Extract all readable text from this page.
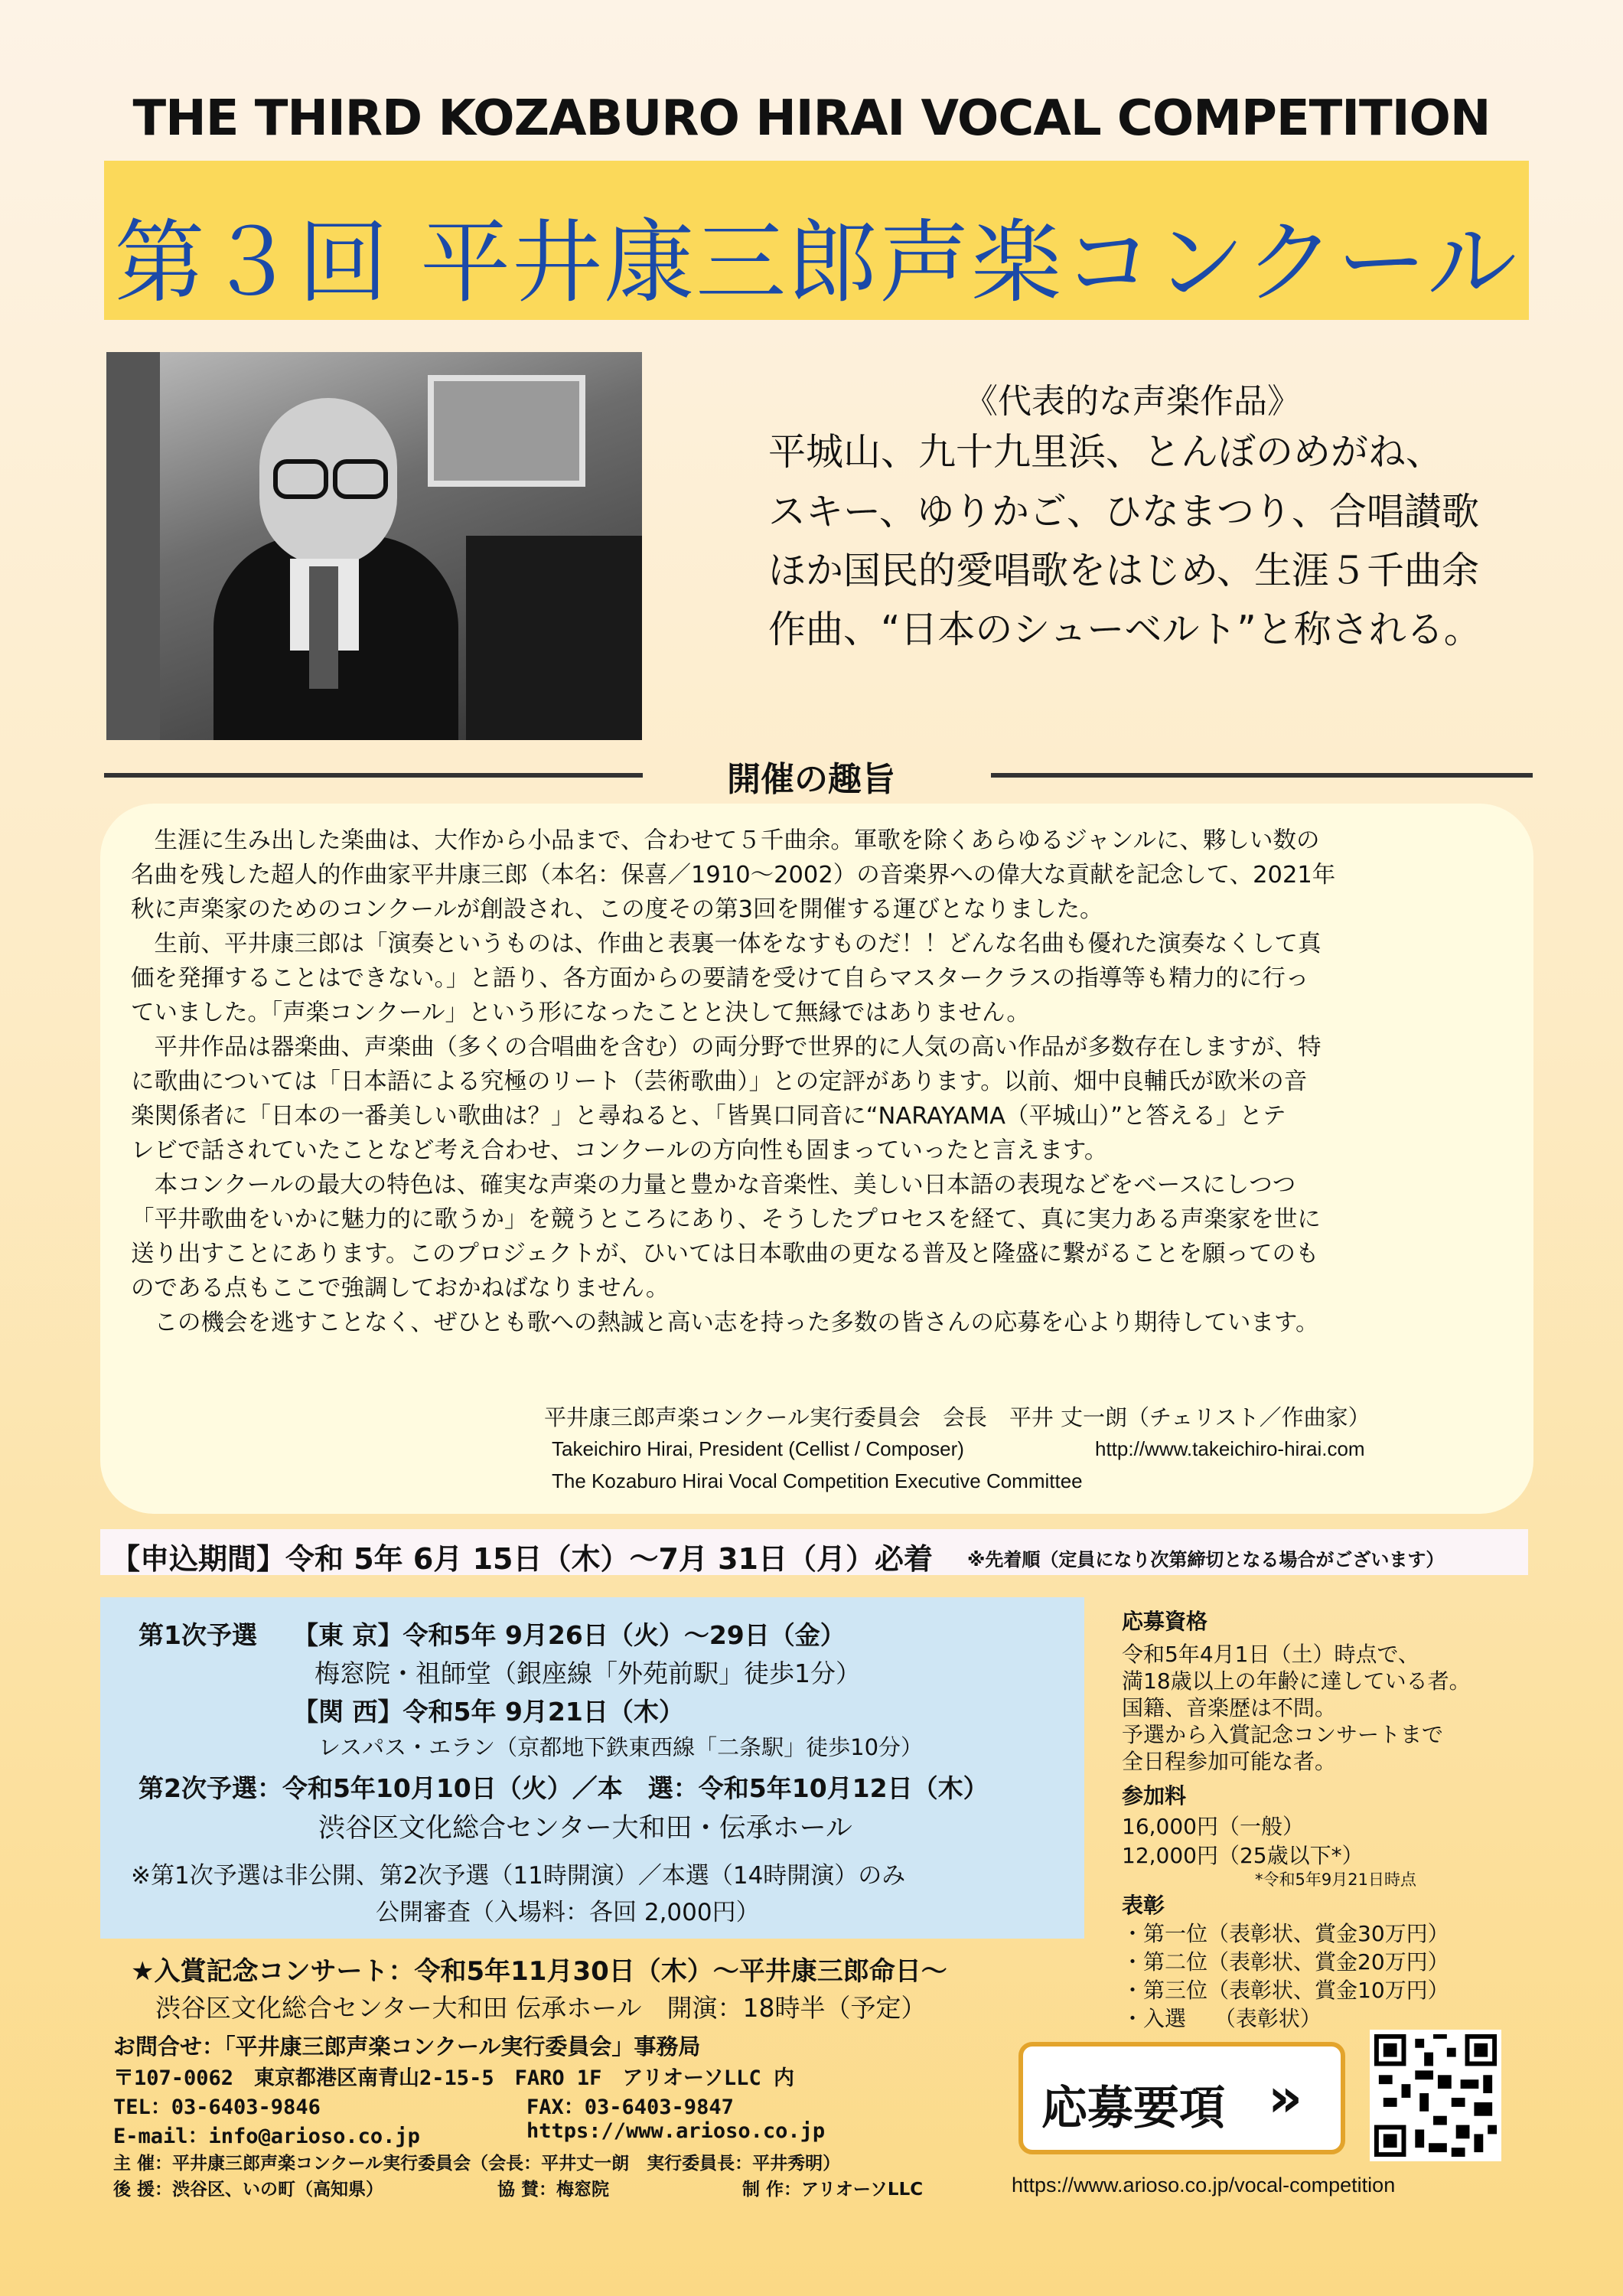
THE THIRD KOZABURO HIRAI VOCAL COMPETITION
第３回 平井康三郎声楽コンクール
《代表的な声楽作品》
平城山、九十九里浜、とんぼのめがね、
スキー、ゆりかご、ひなまつり、合唱讃歌
ほか国民的愛唱歌をはじめ、生涯５千曲余
作曲、“日本のシューベルト”と称される。
開催の趣旨
　生涯に生み出した楽曲は、大作から小品まで、合わせて５千曲余。軍歌を除くあらゆるジャンルに、夥しい数の
名曲を残した超人的作曲家平井康三郎（本名：保喜／1910～2002）の音楽界への偉大な貢献を記念して、2021年
秋に声楽家のためのコンクールが創設され、この度その第3回を開催する運びとなりました。
　生前、平井康三郎は「演奏というものは、作曲と表裏一体をなすものだ！！どんな名曲も優れた演奏なくして真
価を発揮することはできない。」と語り、各方面からの要請を受けて自らマスタークラスの指導等も精力的に行っ
ていました。「声楽コンクール」という形になったことと決して無縁ではありません。
　平井作品は器楽曲、声楽曲（多くの合唱曲を含む）の両分野で世界的に人気の高い作品が多数存在しますが、特
に歌曲については「日本語による究極のリート（芸術歌曲）」との定評があります。以前、畑中良輔氏が欧米の音
楽関係者に「日本の一番美しい歌曲は？」と尋ねると、「皆異口同音に“NARAYAMA（平城山）”と答える」とテ
レビで話されていたことなど考え合わせ、コンクールの方向性も固まっていったと言えます。
　本コンクールの最大の特色は、確実な声楽の力量と豊かな音楽性、美しい日本語の表現などをベースにしつつ
「平井歌曲をいかに魅力的に歌うか」を競うところにあり、そうしたプロセスを経て、真に実力ある声楽家を世に
送り出すことにあります。このプロジェクトが、ひいては日本歌曲の更なる普及と隆盛に繋がることを願ってのも
のである点もここで強調しておかねばなりません。
　この機会を逃すことなく、ぜひとも歌への熱誠と高い志を持った多数の皆さんの応募を心より期待しています。
平井康三郎声楽コンクール実行委員会　会長　平井 丈一朗（チェリスト／作曲家）
Takeichiro Hirai, President (Cellist / Composer)	http://www.takeichiro-hirai.com
The Kozaburo Hirai Vocal Competition Executive Committee
【申込期間】令和 5年 6月 15日（木）～7月 31日（月）必着 ※先着順（定員になり次第締切となる場合がございます）
第1次予選 【東 京】令和5年 9月26日（火）～29日（金）
梅窓院・祖師堂（銀座線「外苑前駅」徒歩1分）
【関 西】令和5年 9月21日（木）
レスパス・エラン（京都地下鉄東西線「二条駅」徒歩10分）
第2次予選：令和5年10月10日（火）／本　選：令和5年10月12日（木）
渋谷区文化総合センター大和田・伝承ホール
※第1次予選は非公開、第2次予選（11時開演）／本選（14時開演）のみ
公開審査（入場料：各回 2,000円）
★入賞記念コンサート：令和5年11月30日（木）～平井康三郎命日～
渋谷区文化総合センター大和田 伝承ホール　開演：18時半（予定）
応募資格
令和5年4月1日（土）時点で、
満18歳以上の年齢に達している者。
国籍、音楽歴は不問。
予選から入賞記念コンサートまで
全日程参加可能な者。
参加料
16,000円（一般）
12,000円（25歳以下*）
*令和5年9月21日時点
表彰
・第一位（表彰状、賞金30万円）
・第二位（表彰状、賞金20万円）
・第三位（表彰状、賞金10万円）
・入選　 （表彰状）
お問合せ：「平井康三郎声楽コンクール実行委員会」事務局
〒107-0062　東京都港区南青山2-15-5　FARO 1F　アリオーソLLC 内
TEL：03-6403-9846	FAX：03-6403-9847
E-mail：info@arioso.co.jp	https://www.arioso.co.jp
主 催：平井康三郎声楽コンクール実行委員会（会長：平井丈一朗　実行委員長：平井秀明）
後 援：渋谷区、いの町（高知県）	協 賛：梅窓院	制 作：アリオーソLLC
応募要項 »
https://www.arioso.co.jp/vocal-competition
